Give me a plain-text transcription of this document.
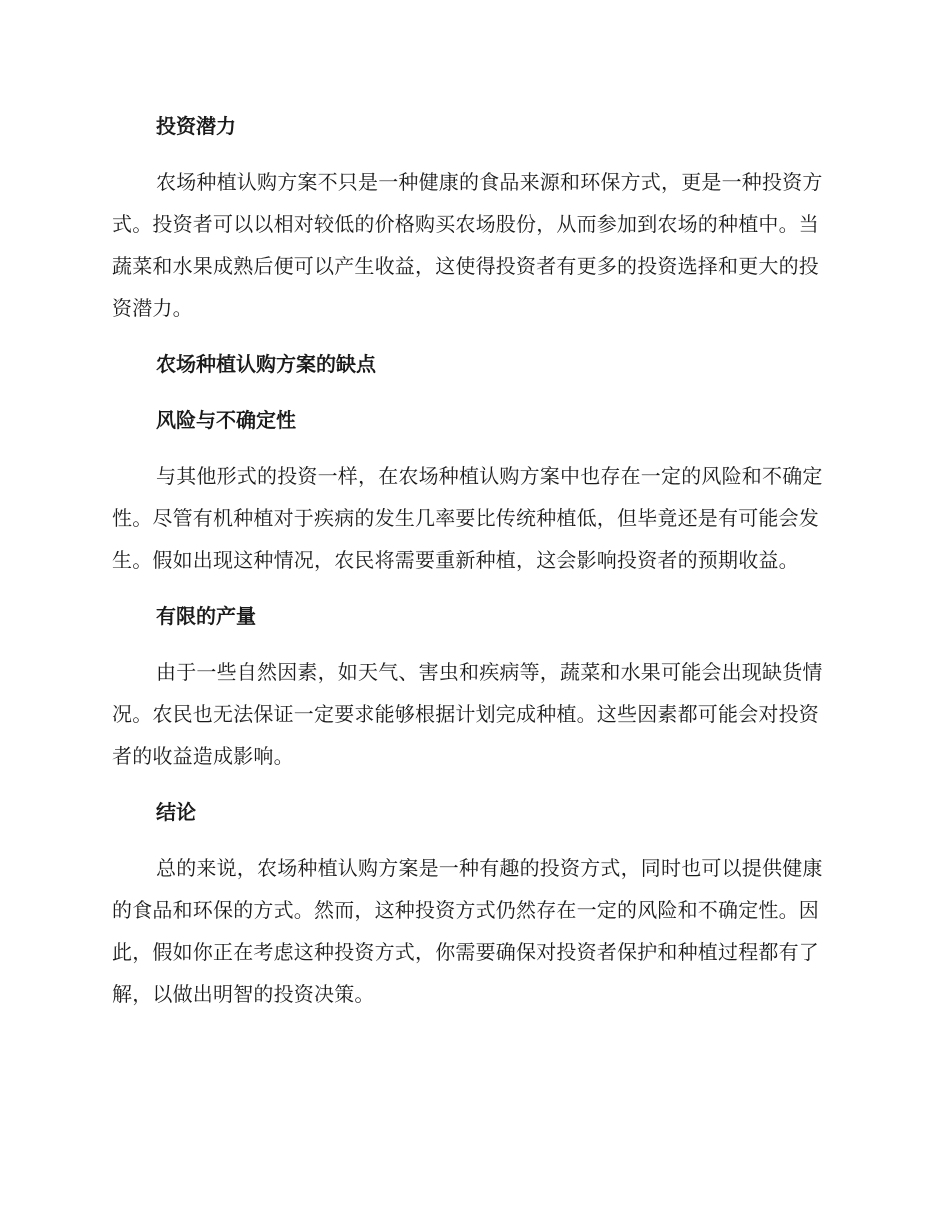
投资潜力

农场种植认购方案不只是一种健康的食品来源和环保方式，更是一种投资方式。投资者可以以相对较低的价格购买农场股份，从而参加到农场的种植中。当蔬菜和水果成熟后便可以产生收益，这使得投资者有更多的投资选择和更大的投资潜力。

农场种植认购方案的缺点
风险与不确定性

与其他形式的投资一样，在农场种植认购方案中也存在一定的风险和不确定性。尽管有机种植对于疾病的发生几率要比传统种植低，但毕竟还是有可能会发生。假如出现这种情况，农民将需要重新种植，这会影响投资者的预期收益。

有限的产量

由于一些自然因素，如天气、害虫和疾病等，蔬菜和水果可能会出现缺货情况。农民也无法保证一定要求能够根据计划完成种植。这些因素都可能会对投资者的收益造成影响。

结论

总的来说，农场种植认购方案是一种有趣的投资方式，同时也可以提供健康的食品和环保的方式。然而，这种投资方式仍然存在一定的风险和不确定性。因此，假如你正在考虑这种投资方式，你需要确保对投资者保护和种植过程都有了解，以做出明智的投资决策。
